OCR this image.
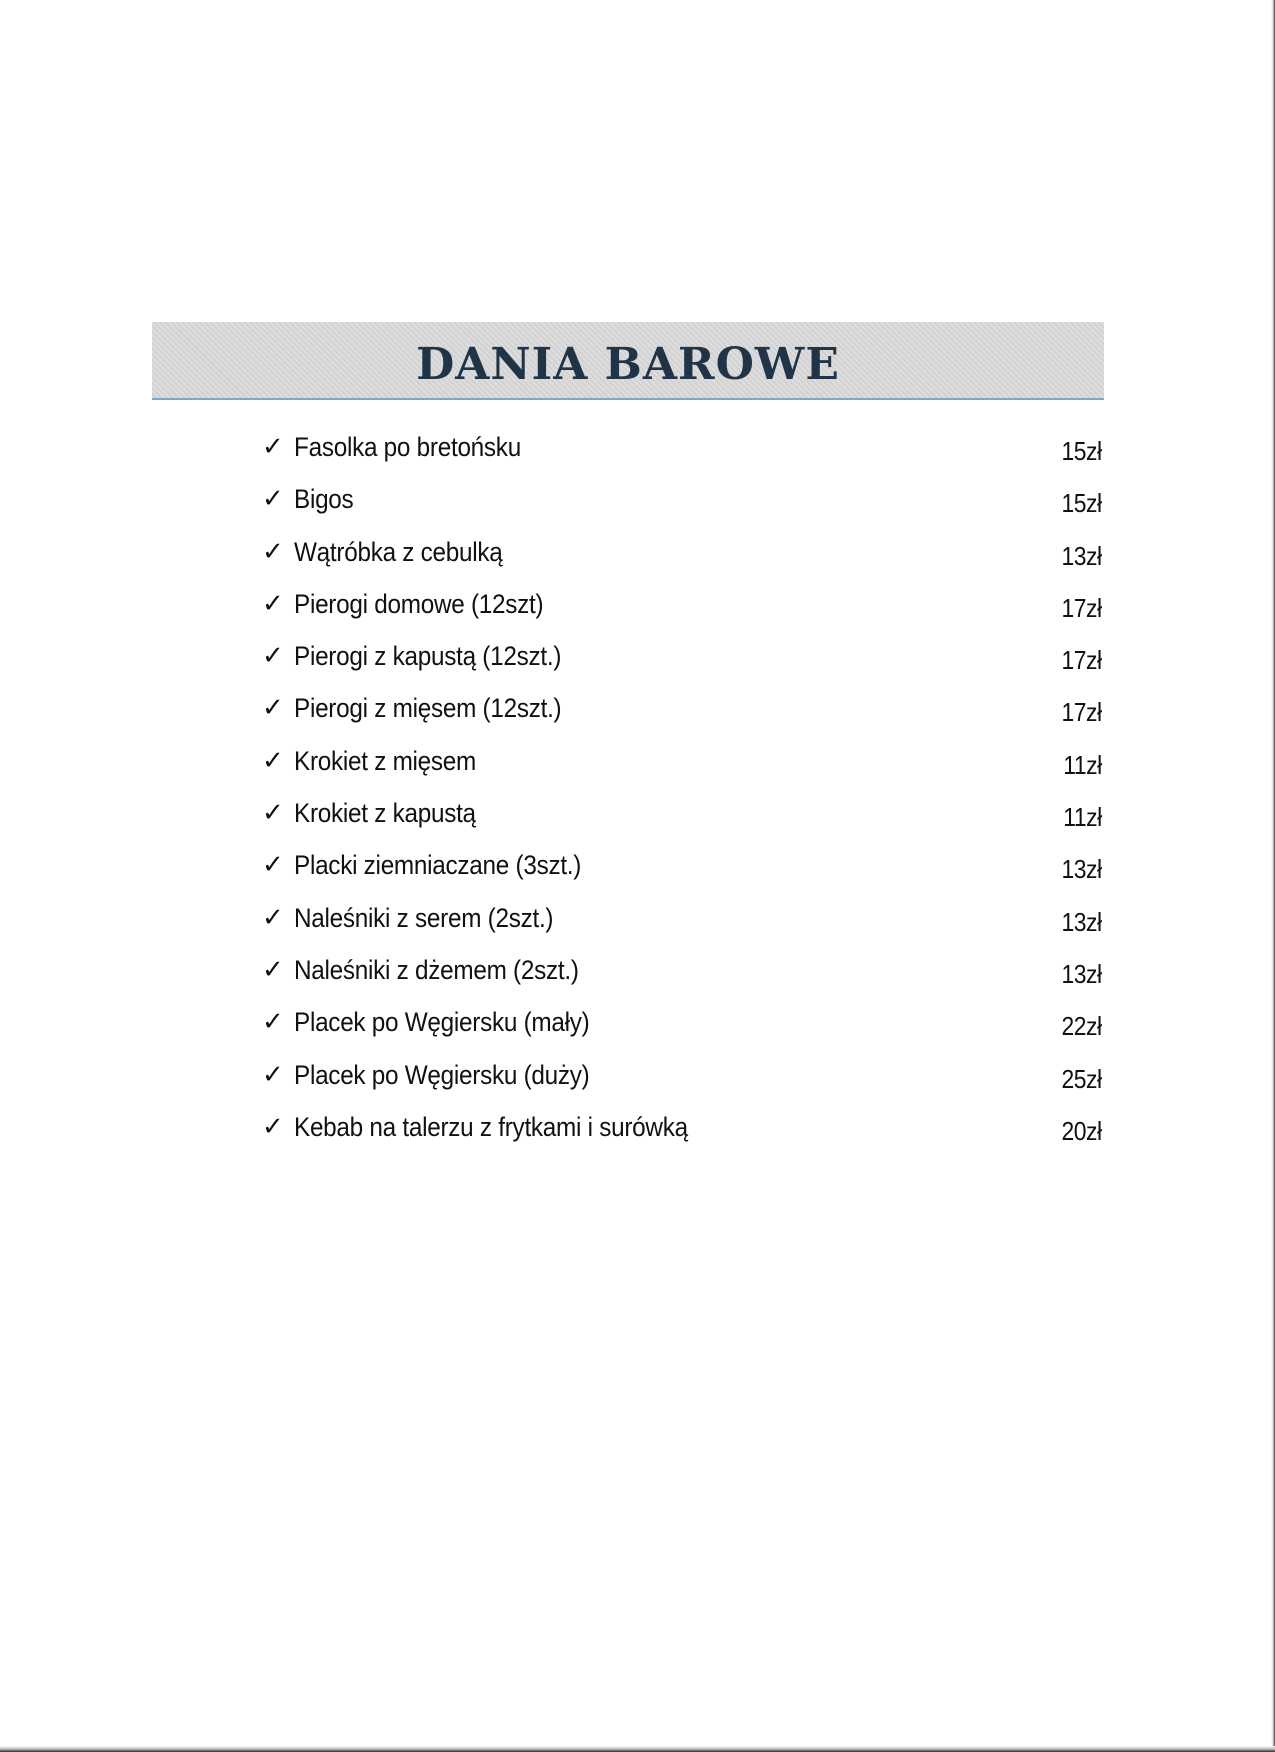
DANIA BAROWE
✓ Fasolka po bretońsku	15zł
✓ Bigos	15zł
✓ Wątróbka z cebulką	13zł
✓ Pierogi domowe (12szt)	17zł
✓ Pierogi z kapustą (12szt.)	17zł
✓ Pierogi z mięsem (12szt.)	17zł
✓ Krokiet z mięsem	11zł
✓ Krokiet z kapustą	11zł
✓ Placki ziemniaczane (3szt.)	13zł
✓ Naleśniki z serem (2szt.)	13zł
✓ Naleśniki z dżemem (2szt.)	13zł
✓ Placek po Węgiersku (mały)	22zł
✓ Placek po Węgiersku (duży)	25zł
✓ Kebab na talerzu z frytkami i surówką	20zł
